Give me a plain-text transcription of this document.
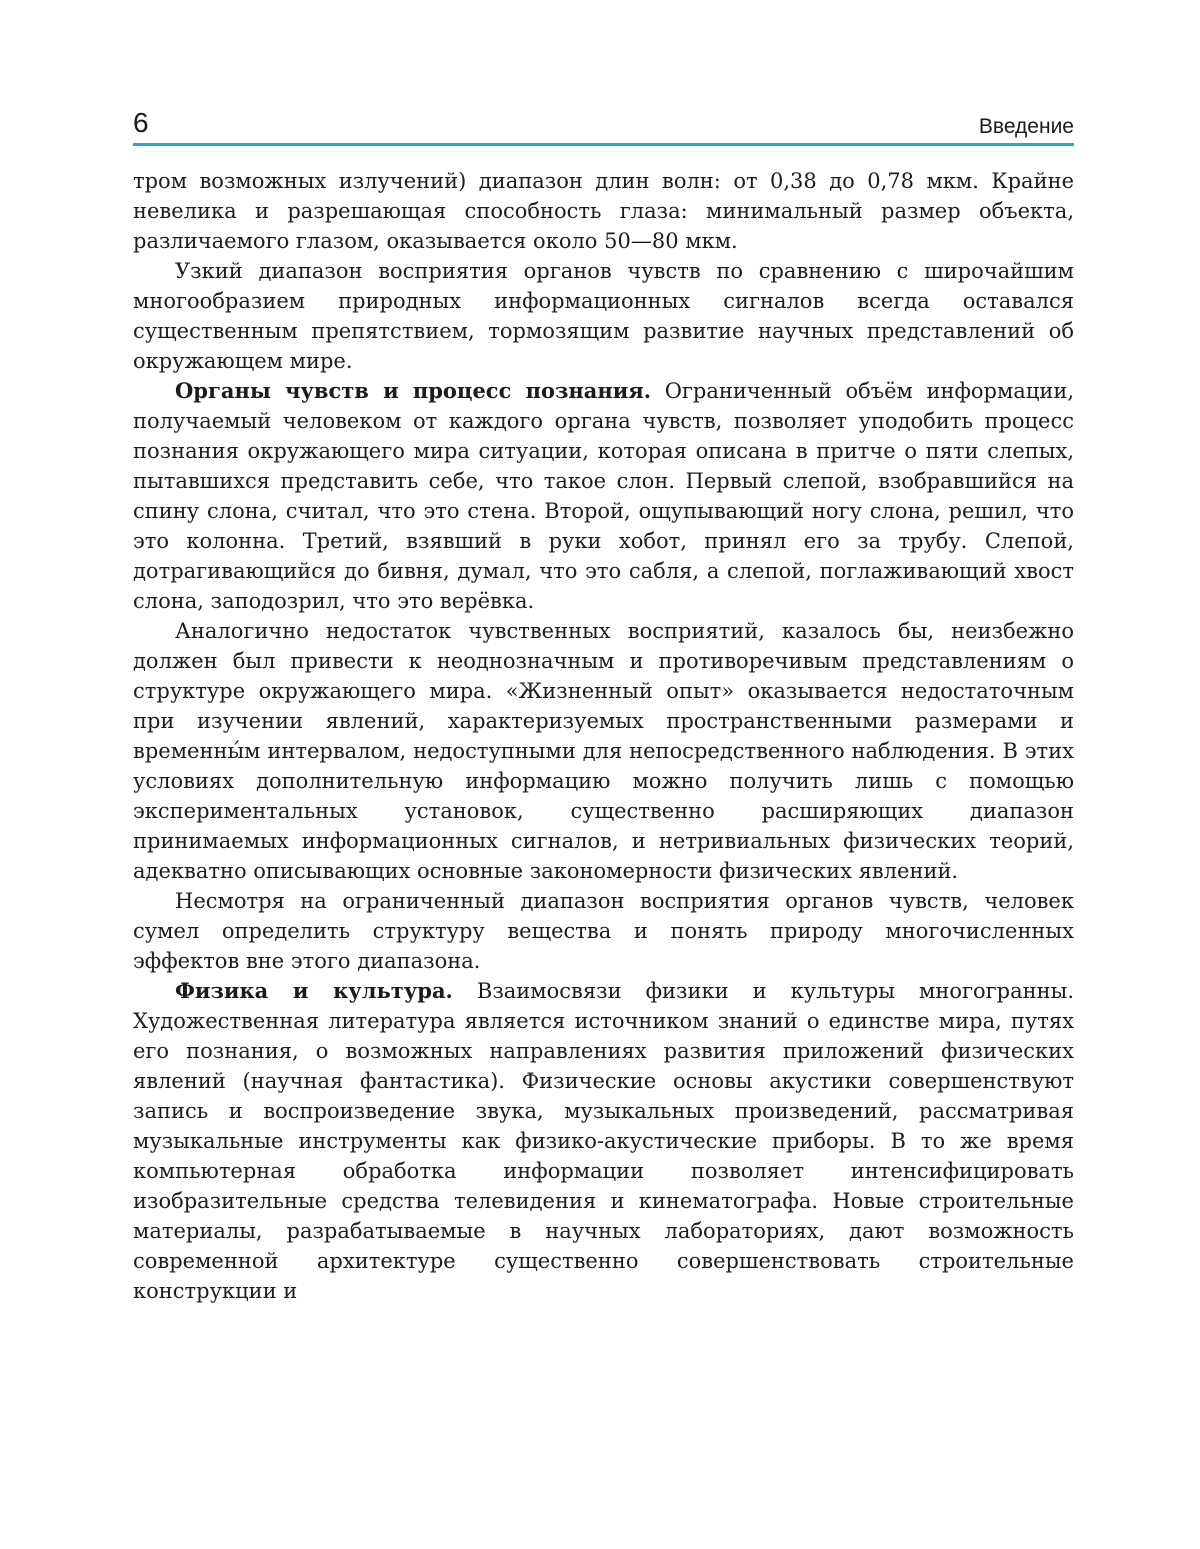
6	Введение

тром возможных излучений) диапазон длин волн: от 0,38 до 0,78 мкм. Крайне невелика и разрешающая способность глаза: минимальный размер объекта, различаемого глазом, оказывается около 50—80 мкм.

Узкий диапазон восприятия органов чувств по сравнению с широчайшим многообразием природных информационных сигналов всегда оставался существенным препятствием, тормозящим развитие научных представлений об окружающем мире.

Органы чувств и процесс познания. Ограниченный объём информации, получаемый человеком от каждого органа чувств, позволяет уподобить процесс познания окружающего мира ситуации, которая описана в притче о пяти слепых, пытавшихся представить себе, что такое слон. Первый слепой, взобравшийся на спину слона, считал, что это стена. Второй, ощупывающий ногу слона, решил, что это колонна. Третий, взявший в руки хобот, принял его за трубу. Слепой, дотрагивающийся до бивня, думал, что это сабля, а слепой, поглаживающий хвост слона, заподозрил, что это верёвка.

Аналогично недостаток чувственных восприятий, казалось бы, неизбежно должен был привести к неоднозначным и противоречивым представлениям о структуре окружающего мира. «Жизненный опыт» оказывается недостаточным при изучении явлений, характеризуемых пространственными размерами и временны́м интервалом, недоступными для непосредственного наблюдения. В этих условиях дополнительную информацию можно получить лишь с помощью экспериментальных установок, существенно расширяющих диапазон принимаемых информационных сигналов, и нетривиальных физических теорий, адекватно описывающих основные закономерности физических явлений.

Несмотря на ограниченный диапазон восприятия органов чувств, человек сумел определить структуру вещества и понять природу многочисленных эффектов вне этого диапазона.

Физика и культура. Взаимосвязи физики и культуры многогранны. Художественная литература является источником знаний о единстве мира, путях его познания, о возможных направлениях развития приложений физических явлений (научная фантастика). Физические основы акустики совершенствуют запись и воспроизведение звука, музыкальных произведений, рассматривая музыкальные инструменты как физико-акустические приборы. В то же время компьютерная обработка информации позволяет интенсифицировать изобразительные средства телевидения и кинематографа. Новые строительные материалы, разрабатываемые в научных лабораториях, дают возможность современной архитектуре существенно совершенствовать строительные конструкции и
